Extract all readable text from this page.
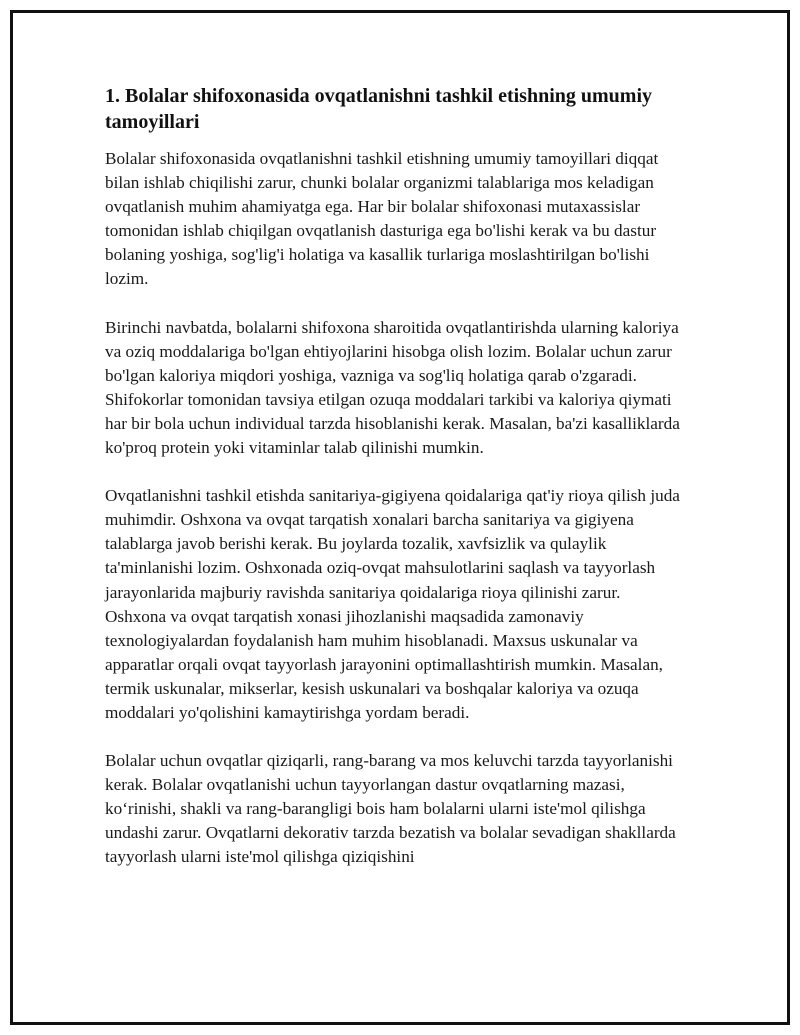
1. Bolalar shifoxonasida ovqatlanishni tashkil etishning umumiy tamoyillari

Bolalar shifoxonasida ovqatlanishni tashkil etishning umumiy tamoyillari diqqat bilan ishlab chiqilishi zarur, chunki bolalar organizmi talablariga mos keladigan ovqatlanish muhim ahamiyatga ega. Har bir bolalar shifoxonasi mutaxassislar tomonidan ishlab chiqilgan ovqatlanish dasturiga ega bo'lishi kerak va bu dastur bolaning yoshiga, sog'lig'i holatiga va kasallik turlariga moslashtirilgan bo'lishi lozim.

Birinchi navbatda, bolalarni shifoxona sharoitida ovqatlantirishda ularning kaloriya va oziq moddalariga bo'lgan ehtiyojlarini hisobga olish lozim. Bolalar uchun zarur bo'lgan kaloriya miqdori yoshiga, vazniga va sog'liq holatiga qarab o'zgaradi. Shifokorlar tomonidan tavsiya etilgan ozuqa moddalari tarkibi va kaloriya qiymati har bir bola uchun individual tarzda hisoblanishi kerak. Masalan, ba'zi kasalliklarda ko'proq protein yoki vitaminlar talab qilinishi mumkin.

Ovqatlanishni tashkil etishda sanitariya-gigiyena qoidalariga qat'iy rioya qilish juda muhimdir. Oshxona va ovqat tarqatish xonalari barcha sanitariya va gigiyena talablarga javob berishi kerak. Bu joylarda tozalik, xavfsizlik va qulaylik ta'minlanishi lozim. Oshxonada oziq-ovqat mahsulotlarini saqlash va tayyorlash jarayonlarida majburiy ravishda sanitariya qoidalariga rioya qilinishi zarur. Oshxona va ovqat tarqatish xonasi jihozlanishi maqsadida zamonaviy texnologiyalardan foydalanish ham muhim hisoblanadi. Maxsus uskunalar va apparatlar orqali ovqat tayyorlash jarayonini optimallashtirish mumkin. Masalan, termik uskunalar, mikserlar, kesish uskunalari va boshqalar kaloriya va ozuqa moddalari yo'qolishini kamaytirishga yordam beradi.

Bolalar uchun ovqatlar qiziqarli, rang-barang va mos keluvchi tarzda tayyorlanishi kerak. Bolalar ovqatlanishi uchun tayyorlangan dastur ovqatlarning mazasi, ko‘rinishi, shakli va rang-barangligi bois ham bolalarni ularni iste'mol qilishga undashi zarur. Ovqatlarni dekorativ tarzda bezatish va bolalar sevadigan shakllarda tayyorlash ularni iste'mol qilishga qiziqishini
